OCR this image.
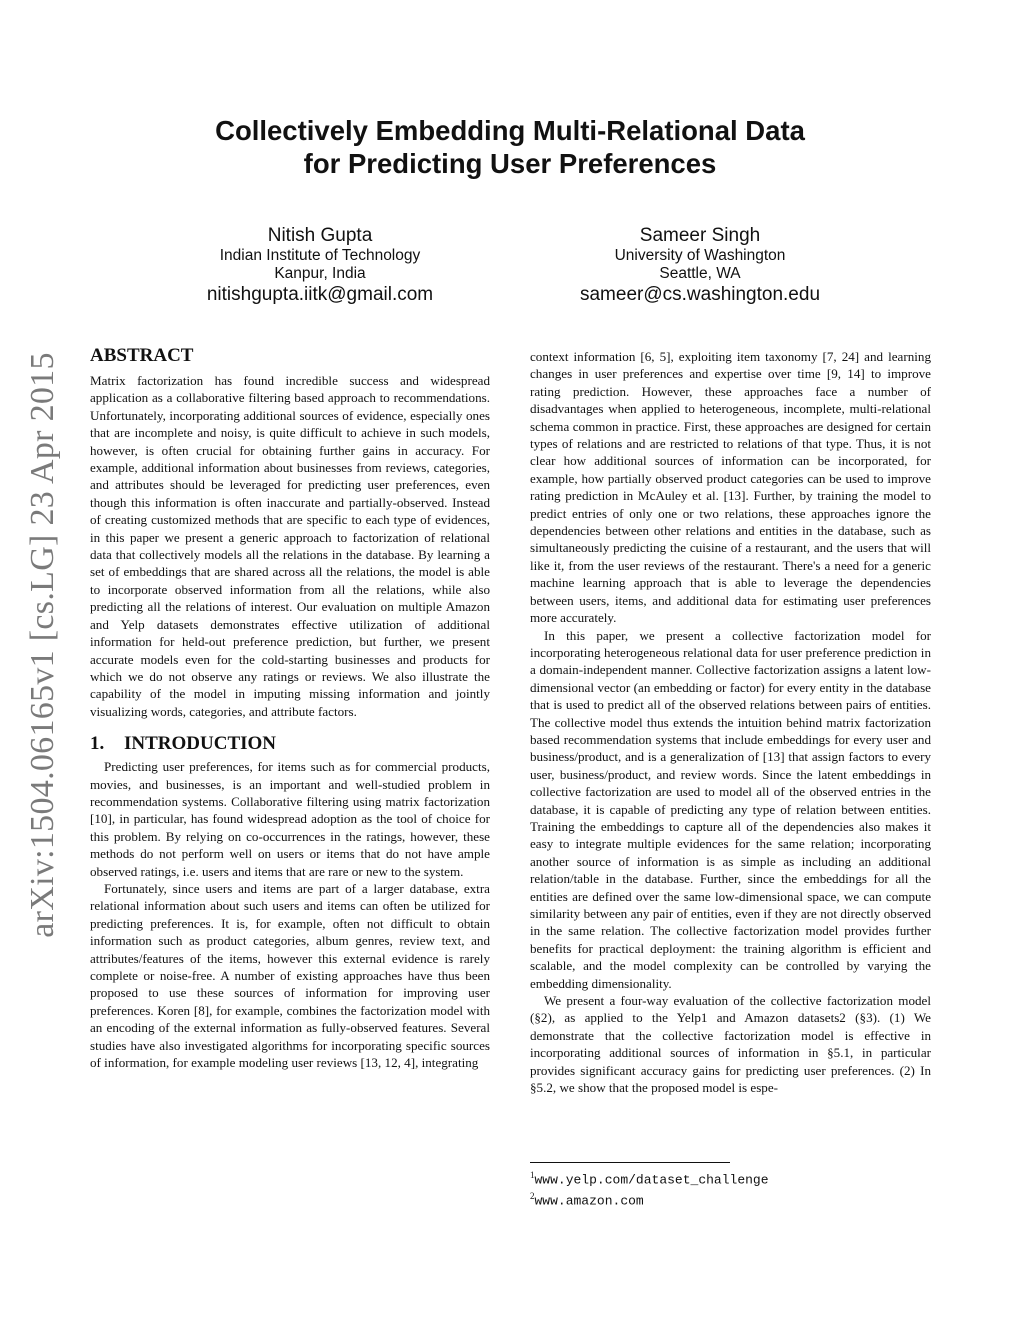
arXiv:1504.06165v1 [cs.LG] 23 Apr 2015
Collectively Embedding Multi-Relational Data
for Predicting User Preferences
Nitish Gupta
Indian Institute of Technology
Kanpur, India
nitishgupta.iitk@gmail.com
Sameer Singh
University of Washington
Seattle, WA
sameer@cs.washington.edu
ABSTRACT

Matrix factorization has found incredible success and widespread application as a collaborative filtering based approach to recommendations. Unfortunately, incorporating additional sources of evidence, especially ones that are incomplete and noisy, is quite difficult to achieve in such models, however, is often crucial for obtaining further gains in accuracy. For example, additional information about businesses from reviews, categories, and attributes should be leveraged for predicting user preferences, even though this information is often inaccurate and partially-observed. Instead of creating customized methods that are specific to each type of evidences, in this paper we present a generic approach to factorization of relational data that collectively models all the relations in the database. By learning a set of embeddings that are shared across all the relations, the model is able to incorporate observed information from all the relations, while also predicting all the relations of interest. Our evaluation on multiple Amazon and Yelp datasets demonstrates effective utilization of additional information for held-out preference prediction, but further, we present accurate models even for the cold-starting businesses and products for which we do not observe any ratings or reviews. We also illustrate the capability of the model in imputing missing information and jointly visualizing words, categories, and attribute factors.

1. INTRODUCTION

Predicting user preferences, for items such as for commercial products, movies, and businesses, is an important and well-studied problem in recommendation systems. Collaborative filtering using matrix factorization [10], in particular, has found widespread adoption as the tool of choice for this problem. By relying on co-occurrences in the ratings, however, these methods do not perform well on users or items that do not have ample observed ratings, i.e. users and items that are rare or new to the system.

Fortunately, since users and items are part of a larger database, extra relational information about such users and items can often be utilized for predicting preferences. It is, for example, often not difficult to obtain information such as product categories, album genres, review text, and attributes/features of the items, however this external evidence is rarely complete or noise-free. A number of existing approaches have thus been proposed to use these sources of information for improving user preferences. Koren [8], for example, combines the factorization model with an encoding of the external information as fully-observed features. Several studies have also investigated algorithms for incorporating specific sources of information, for example modeling user reviews [13, 12, 4], integrating

context information [6, 5], exploiting item taxonomy [7, 24] and learning changes in user preferences and expertise over time [9, 14] to improve rating prediction. However, these approaches face a number of disadvantages when applied to heterogeneous, incomplete, multi-relational schema common in practice. First, these approaches are designed for certain types of relations and are restricted to relations of that type. Thus, it is not clear how additional sources of information can be incorporated, for example, how partially observed product categories can be used to improve rating prediction in McAuley et al. [13]. Further, by training the model to predict entries of only one or two relations, these approaches ignore the dependencies between other relations and entities in the database, such as simultaneously predicting the cuisine of a restaurant, and the users that will like it, from the user reviews of the restaurant. There's a need for a generic machine learning approach that is able to leverage the dependencies between users, items, and additional data for estimating user preferences more accurately.

In this paper, we present a collective factorization model for incorporating heterogeneous relational data for user preference prediction in a domain-independent manner. Collective factorization assigns a latent low-dimensional vector (an embedding or factor) for every entity in the database that is used to predict all of the observed relations between pairs of entities. The collective model thus extends the intuition behind matrix factorization based recommendation systems that include embeddings for every user and business/product, and is a generalization of [13] that assign factors to every user, business/product, and review words. Since the latent embeddings in collective factorization are used to model all of the observed entries in the database, it is capable of predicting any type of relation between entities. Training the embeddings to capture all of the dependencies also makes it easy to integrate multiple evidences for the same relation; incorporating another source of information is as simple as including an additional relation/table in the database. Further, since the embeddings for all the entities are defined over the same low-dimensional space, we can compute similarity between any pair of entities, even if they are not directly observed in the same relation. The collective factorization model provides further benefits for practical deployment: the training algorithm is efficient and scalable, and the model complexity can be controlled by varying the embedding dimensionality.

We present a four-way evaluation of the collective factorization model (§2), as applied to the Yelp1 and Amazon datasets2 (§3). (1) We demonstrate that the collective factorization model is effective in incorporating additional sources of information in §5.1, in particular provides significant accuracy gains for predicting user preferences. (2) In §5.2, we show that the proposed model is espe-

$^1$www.yelp.com/dataset_challenge
$^2$www.amazon.com
